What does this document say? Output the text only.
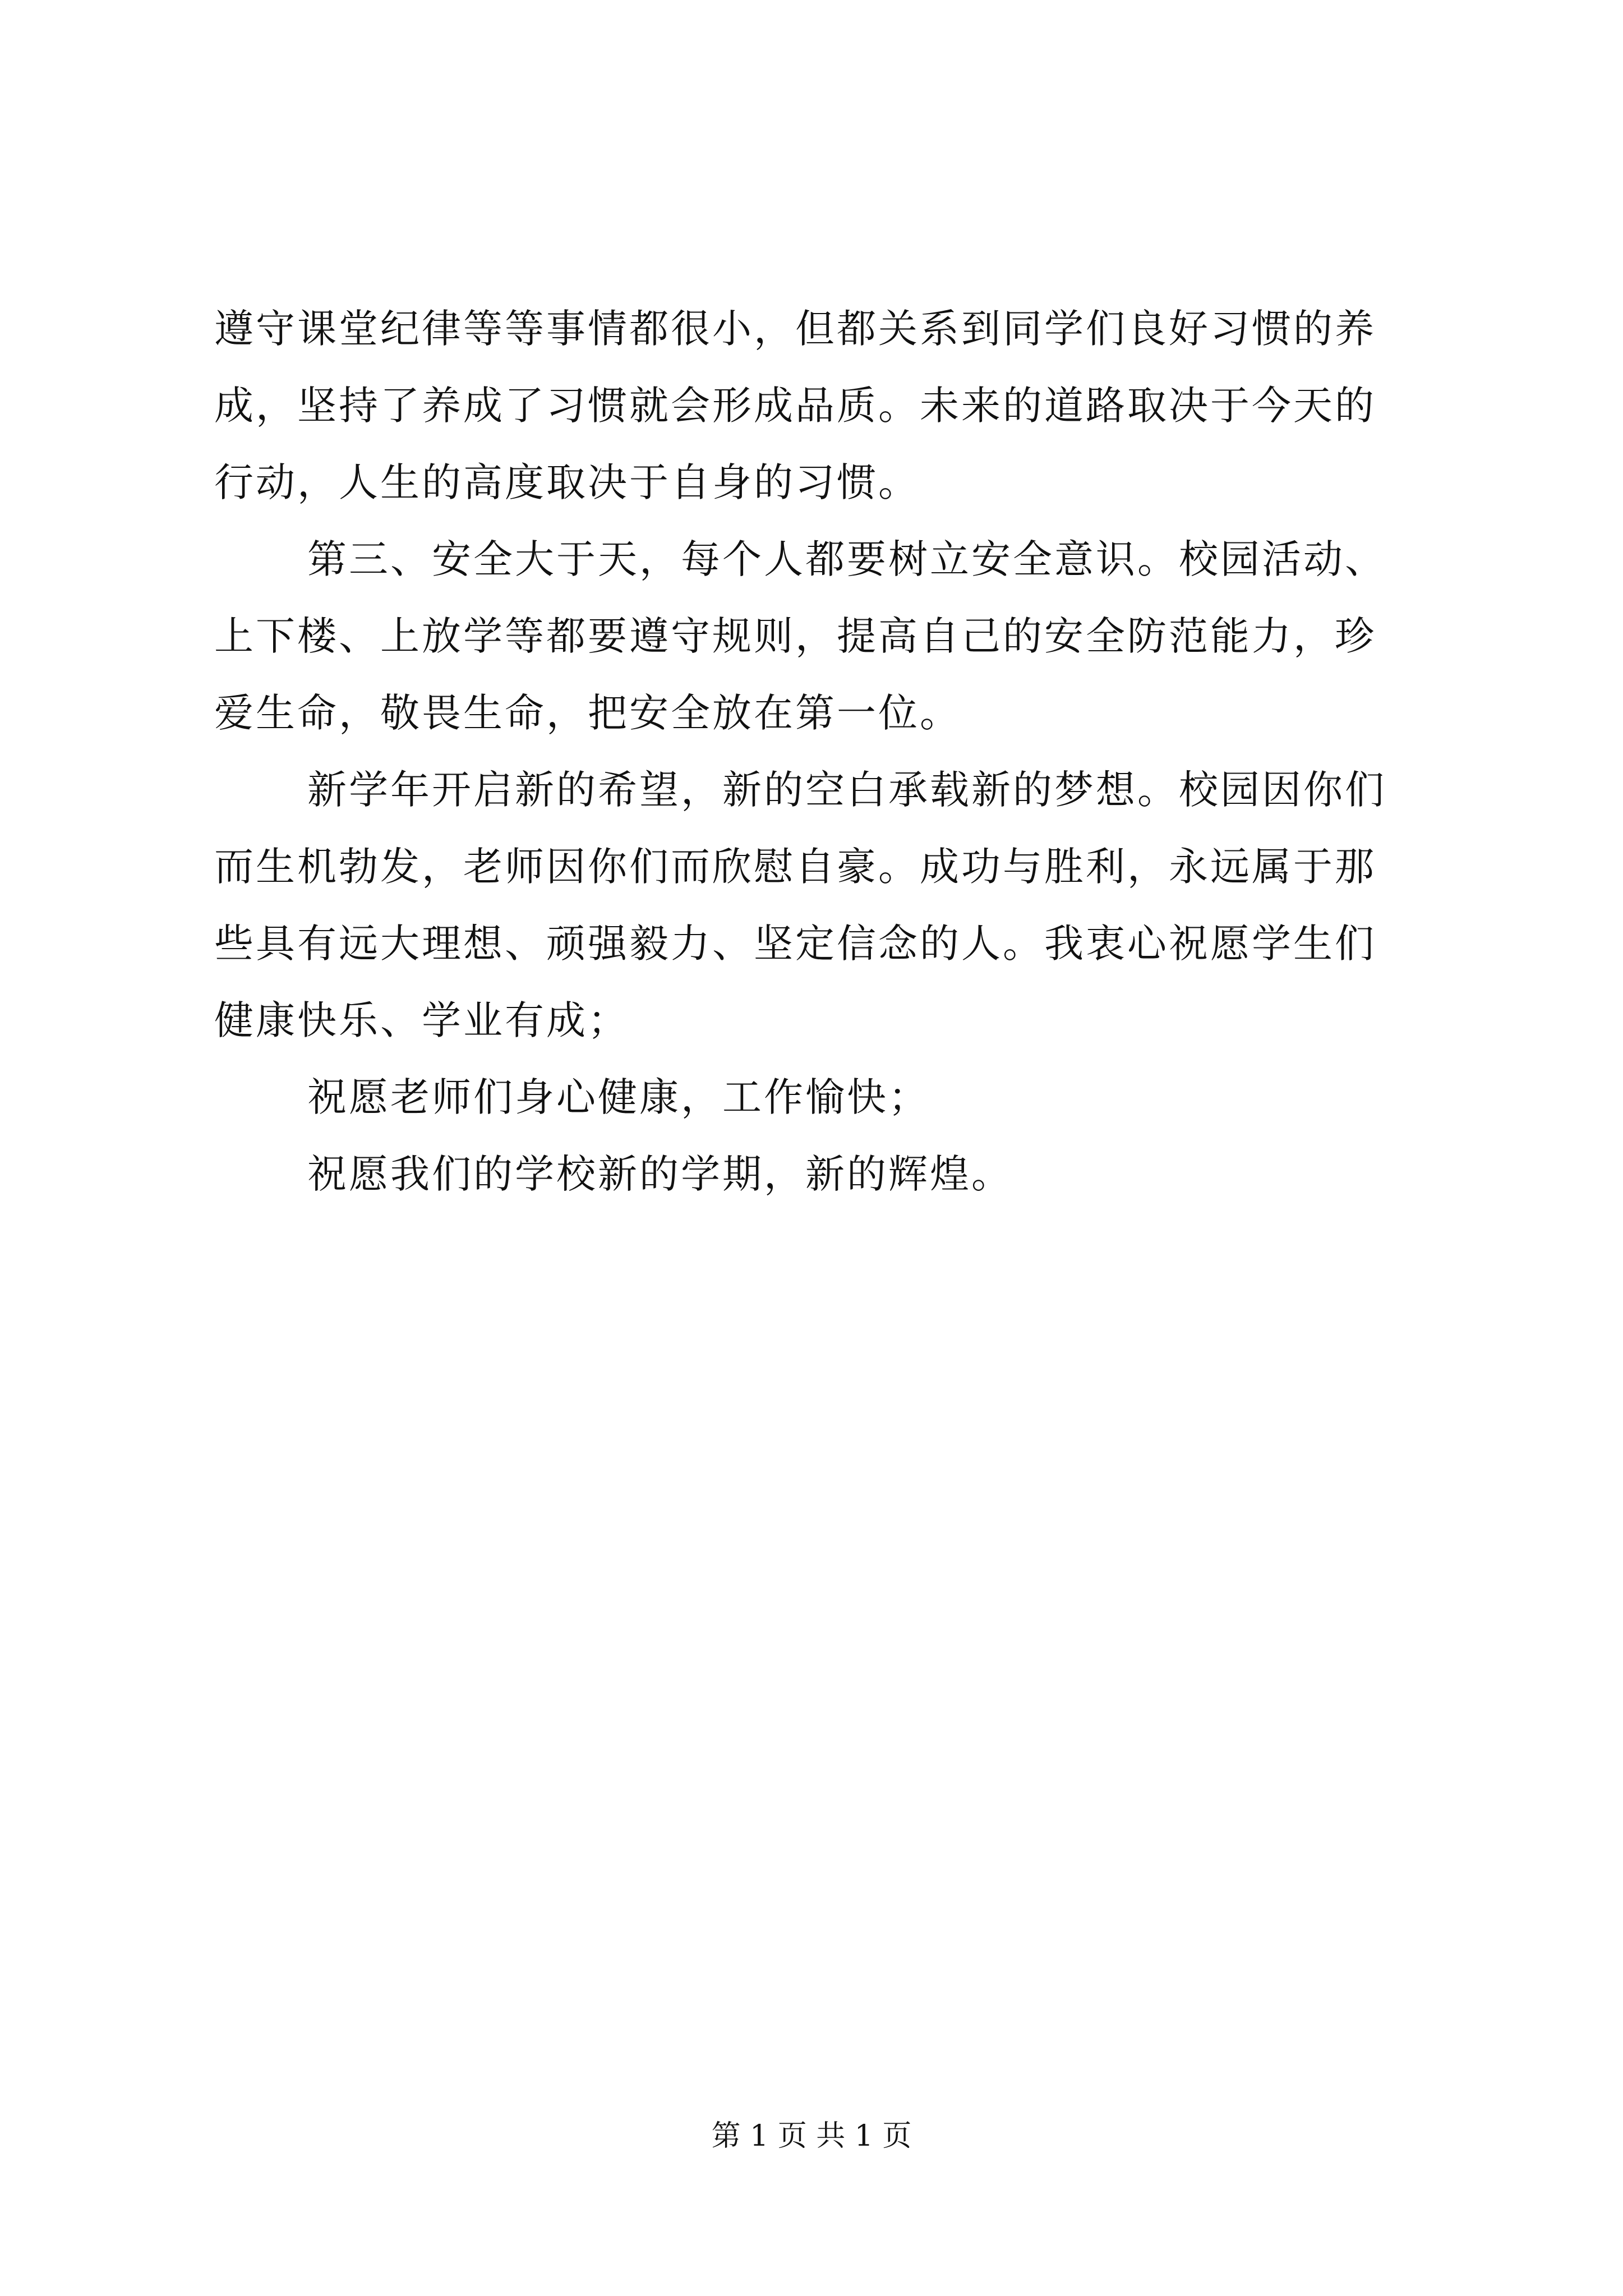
遵守课堂纪律等等事情都很小，但都关系到同学们良好习惯的养
成，坚持了养成了习惯就会形成品质。未来的道路取决于今天的
行动，人生的高度取决于自身的习惯。

第三、安全大于天，每个人都要树立安全意识。校园活动、
上下楼、上放学等都要遵守规则，提高自己的安全防范能力，珍
爱生命，敬畏生命，把安全放在第一位。

新学年开启新的希望，新的空白承载新的梦想。校园因你们
而生机勃发，老师因你们而欣慰自豪。成功与胜利，永远属于那
些具有远大理想、顽强毅力、坚定信念的人。我衷心祝愿学生们
健康快乐、学业有成；

祝愿老师们身心健康，工作愉快；

祝愿我们的学校新的学期，新的辉煌。

第 1 页 共 1 页
